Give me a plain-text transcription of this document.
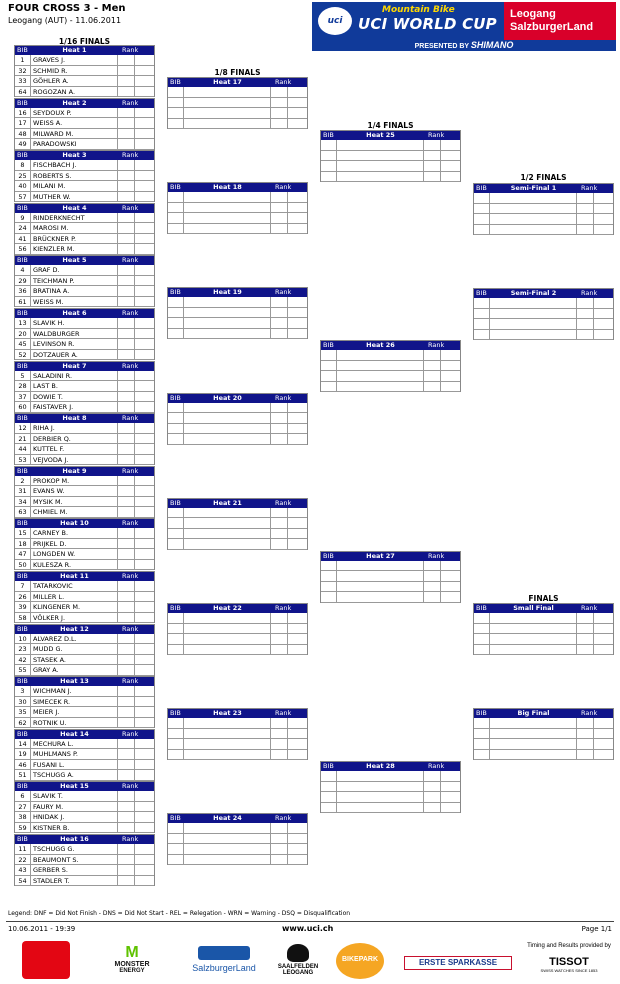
FOUR CROSS 3 - Men
Leogang (AUT) - 11.06.2011	uci
Mountain Bike
UCI WORLD CUP
Leogang
SalzburgerLand
PRESENTED BY SHIMANO
1/16 FINALS
1/8 FINALS
1/4 FINALS
1/2 FINALS
FINALS
BIB	Heat 1	Rank
1	GRAVES J.
32 SCHMID R.
33 GÖHLER A.
64 ROGOZAN A.
BIB	Heat 2	Rank
16 SEYDOUX P.
17 WEISS A.
48 MILWARD M.
49 PARADOWSKI
BIB	Heat 3	Rank
8	FISCHBACH J.
25 ROBERTS S.
40 MILANI M.
57 MUTHER W.
BIB	Heat 4	Rank
9	RINDERKNECHT
24 MAROSI M.
41 BRÜCKNER P.
56 KIENZLER M.
BIB	Heat 5	Rank
4	GRAF D.
29 TEICHMAN P.
36 BRATINA A.
61 WEISS M.
BIB	Heat 6	Rank
13 SLAVIK H.
20 WALDBURGER
45 LEVINSON R.
52 DOTZAUER A.
BIB	Heat 7	Rank
5	SALADINI R.
28 LAST B.
37 DOWIE T.
60 FAISTAVER J.
BIB	Heat 8	Rank
12 RIHA J.
21 DERBIER Q.
44 KUTTEL F.
53 VEJVODA J.
BIB	Heat 9	Rank
2	PROKOP M.
31 EVANS W.
34 MYSIK M.
63 CHMIEL M.
BIB	Heat 10	Rank
15 CARNEY B.
18 PRIJKEL D.
47 LONGDEN W.
50 KULESZA R.
BIB	Heat 11	Rank
7	TATARKOVIC
26 MILLER L.
39 KLINGENER M.
58 VÖLKER J.
BIB	Heat 12	Rank
10 ALVAREZ D.L.
23 MUDD G.
42 STASEK A.
55 GRAY A.
BIB	Heat 13	Rank
3	WICHMAN J.
30 SIMECEK R.
35 MEIER J.
62 ROTNIK U.
BIB	Heat 14	Rank
14 MECHURA L.
19 MUHLMANS P.
46 FUSANI L.
51 TSCHUGG A.
BIB	Heat 15	Rank
6	SLAVIK T.
27 FAURY M.
38 HNIDAK J.
59 KISTNER B.
BIB	Heat 16	Rank
11 TSCHUGG G.
22 BEAUMONT S.
43 GERBER S.
54 STADLER T.
BIB	Heat 17	Rank
BIB	Heat 18	Rank
BIB	Heat 19	Rank
BIB	Heat 20	Rank
BIB	Heat 21	Rank
BIB	Heat 22	Rank
BIB	Heat 23	Rank
BIB	Heat 24	Rank
BIB	Heat 25	Rank
BIB	Heat 26	Rank
BIB	Heat 27	Rank
BIB	Heat 28	Rank
BIB	Semi-Final 1	Rank
BIB	Semi-Final 2	Rank
BIB	Small Final	Rank
BIB	Big Final	Rank
Legend: DNF = Did Not Finish - DNS = Did Not Start - REL = Relegation - WRN = Warning - DSQ = Disqualification
10.06.2011 - 19:39	www.uci.ch	Page 1/1
M
MONSTER
ENERGY	SalzburgerLand	SAALFELDEN
LEOGANG
BIKEPARK	ERSTE SPARKASSE
Timing and Results provided by
TISSOT
SWISS WATCHES SINCE 1853
